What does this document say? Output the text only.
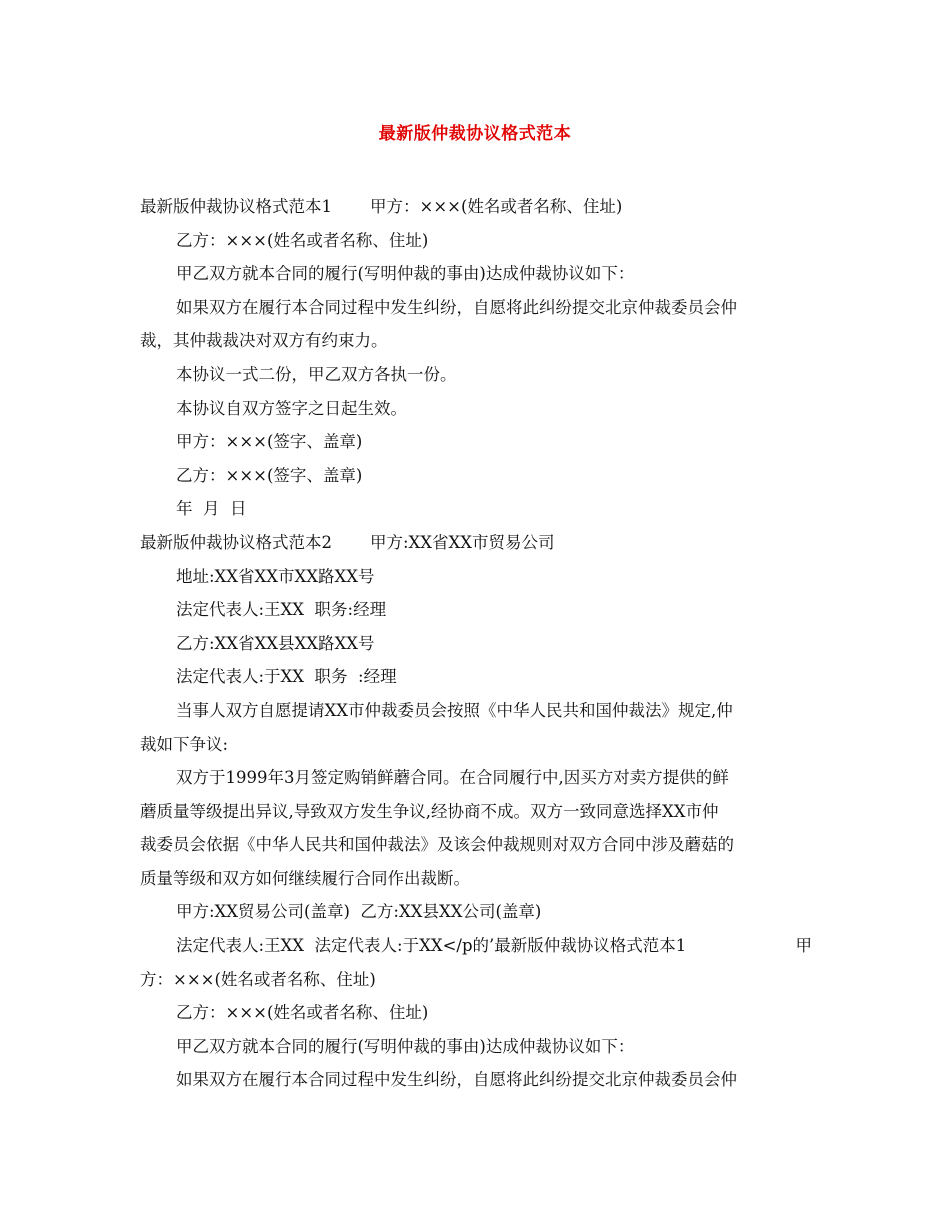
最新版仲裁协议格式范本
最新版仲裁协议格式范本1 甲方：×××(姓名或者名称、住址)
乙方：×××(姓名或者名称、住址)
甲乙双方就本合同的履行(写明仲裁的事由)达成仲裁协议如下：
如果双方在履行本合同过程中发生纠纷，自愿将此纠纷提交北京仲裁委员会仲
裁，其仲裁裁决对双方有约束力。
本协议一式二份，甲乙双方各执一份。
本协议自双方签字之日起生效。
甲方：×××(签字、盖章)
乙方：×××(签字、盖章)
年  月  日
最新版仲裁协议格式范本2 甲方:XX省XX市贸易公司
地址:XX省XX市XX路XX号
法定代表人:王XX  职务:经理
乙方:XX省XX县XX路XX号
法定代表人:于XX  职务  :经理
当事人双方自愿提请XX市仲裁委员会按照《中华人民共和国仲裁法》规定,仲
裁如下争议:
双方于1999年3月签定购销鲜蘑合同。在合同履行中,因买方对卖方提供的鲜
蘑质量等级提出异议,导致双方发生争议,经协商不成。双方一致同意选择XX市仲
裁委员会依据《中华人民共和国仲裁法》及该会仲裁规则对双方合同中涉及蘑菇的
质量等级和双方如何继续履行合同作出裁断。
甲方:XX贸易公司(盖章)  乙方:XX县XX公司(盖章)
法定代表人:王XX  法定代表人:于XX</p的’最新版仲裁协议格式范本1	甲
方：×××(姓名或者名称、住址)
乙方：×××(姓名或者名称、住址)
甲乙双方就本合同的履行(写明仲裁的事由)达成仲裁协议如下：
如果双方在履行本合同过程中发生纠纷，自愿将此纠纷提交北京仲裁委员会仲
